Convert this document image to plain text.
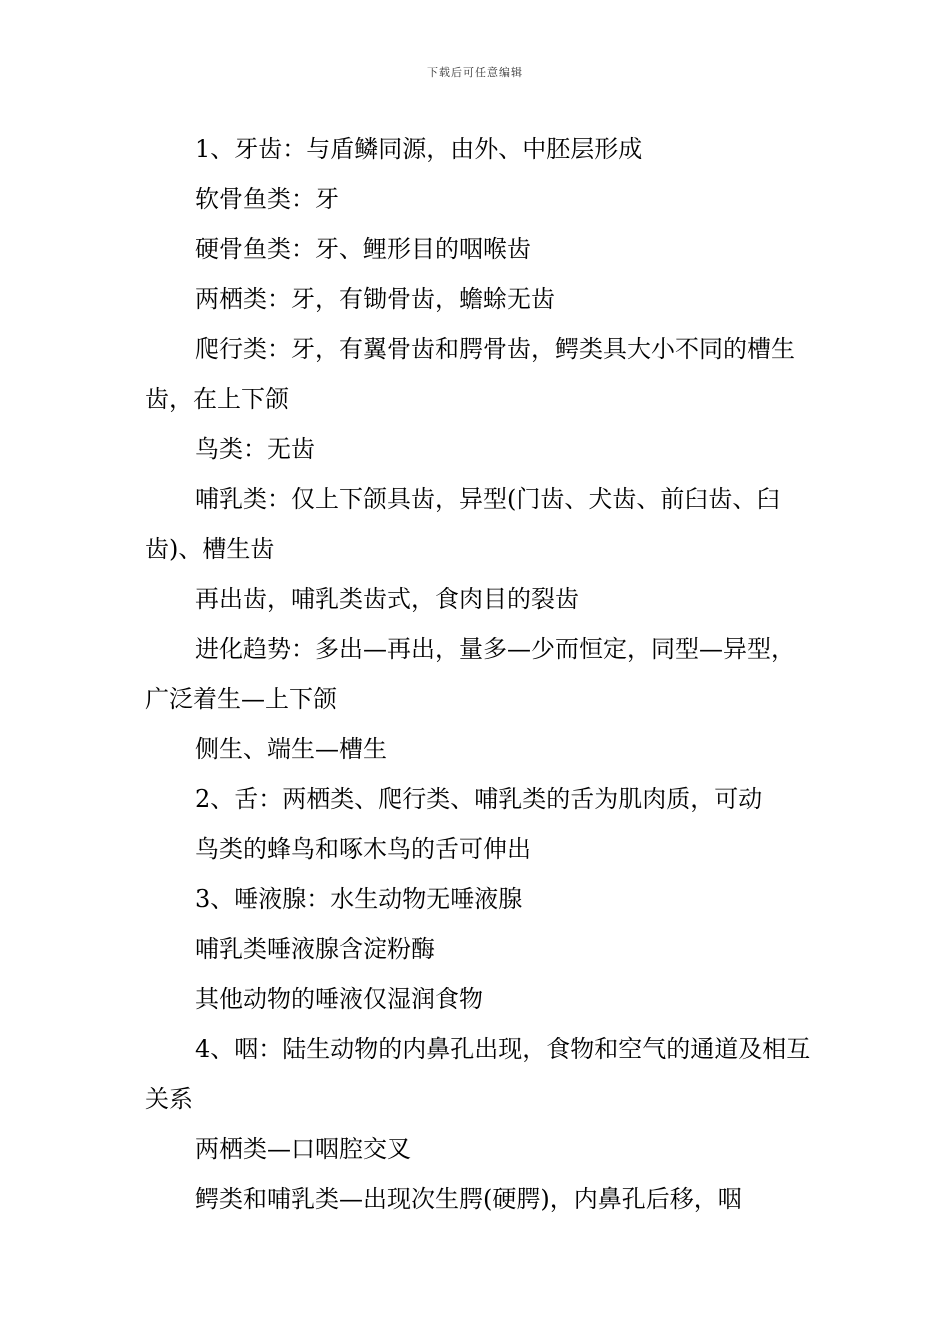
下载后可任意编辑

1、牙齿：与盾鳞同源，由外、中胚层形成

软骨鱼类：牙

硬骨鱼类：牙、鲤形目的咽喉齿

两栖类：牙，有锄骨齿，蟾蜍无齿

爬行类：牙，有翼骨齿和腭骨齿，鳄类具大小不同的槽生齿，在上下颌

鸟类：无齿

哺乳类：仅上下颌具齿，异型(门齿、犬齿、前臼齿、臼齿)、槽生齿

再出齿，哺乳类齿式，食肉目的裂齿

进化趋势：多出—再出，量多—少而恒定，同型—异型，广泛着生—上下颌

侧生、端生—槽生

2、舌：两栖类、爬行类、哺乳类的舌为肌肉质，可动

鸟类的蜂鸟和啄木鸟的舌可伸出

3、唾液腺：水生动物无唾液腺

哺乳类唾液腺含淀粉酶

其他动物的唾液仅湿润食物

4、咽：陆生动物的内鼻孔出现，食物和空气的通道及相互关系

两栖类—口咽腔交叉

鳄类和哺乳类—出现次生腭(硬腭)，内鼻孔后移，咽
